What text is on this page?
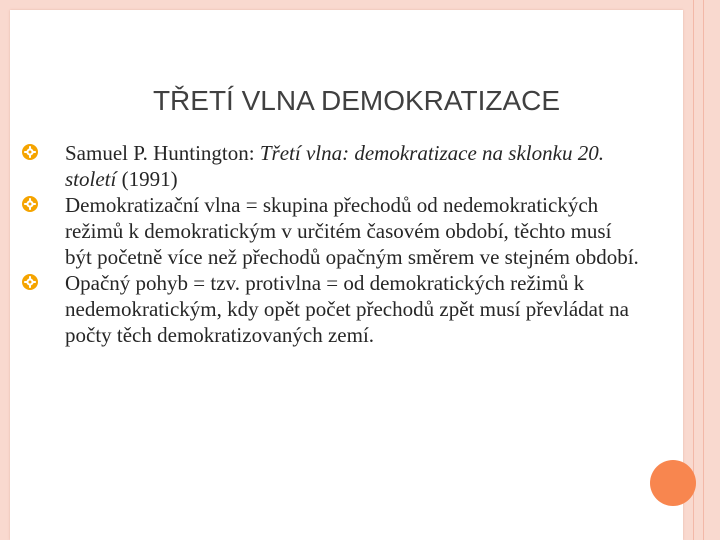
TŘETÍ VLNA DEMOKRATIZACE
Samuel P. Huntington: Třetí vlna: demokratizace na sklonku 20. století (1991)
Demokratizační vlna = skupina přechodů od nedemokratických režimů k demokratickým v určitém časovém období, těchto musí být početně více než přechodů opačným směrem ve stejném období.
Opačný pohyb = tzv. protivlna = od demokratických režimů k nedemokratickým, kdy opět počet přechodů zpět musí převládat na počty těch demokratizovaných zemí.
